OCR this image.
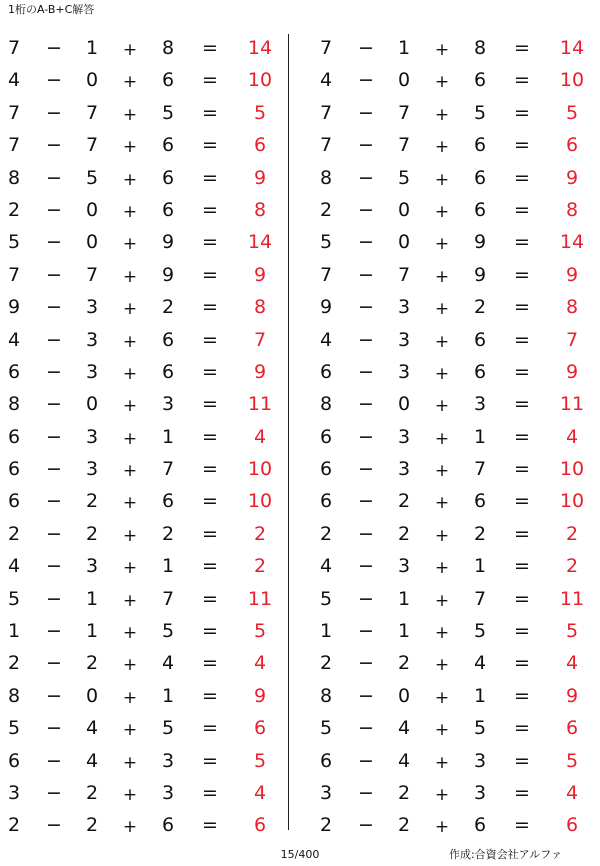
1桁のA-B+C解答
7	−	1	+	8	=	14
4	−	0	+	6	=	10
7	−	7	+	5	=	5
7	−	7	+	6	=	6
8	−	5	+	6	=	9
2	−	0	+	6	=	8
5	−	0	+	9	=	14
7	−	7	+	9	=	9
9	−	3	+	2	=	8
4	−	3	+	6	=	7
6	−	3	+	6	=	9
8	−	0	+	3	=	11
6	−	3	+	1	=	4
6	−	3	+	7	=	10
6	−	2	+	6	=	10
2	−	2	+	2	=	2
4	−	3	+	1	=	2
5	−	1	+	7	=	11
1	−	1	+	5	=	5
2	−	2	+	4	=	4
8	−	0	+	1	=	9
5	−	4	+	5	=	6
6	−	4	+	3	=	5
3	−	2	+	3	=	4
2	−	2	+	6	=	6
7	−	1	+	8	=	14
4	−	0	+	6	=	10
7	−	7	+	5	=	5
7	−	7	+	6	=	6
8	−	5	+	6	=	9
2	−	0	+	6	=	8
5	−	0	+	9	=	14
7	−	7	+	9	=	9
9	−	3	+	2	=	8
4	−	3	+	6	=	7
6	−	3	+	6	=	9
8	−	0	+	3	=	11
6	−	3	+	1	=	4
6	−	3	+	7	=	10
6	−	2	+	6	=	10
2	−	2	+	2	=	2
4	−	3	+	1	=	2
5	−	1	+	7	=	11
1	−	1	+	5	=	5
2	−	2	+	4	=	4
8	−	0	+	1	=	9
5	−	4	+	5	=	6
6	−	4	+	3	=	5
3	−	2	+	3	=	4
2	−	2	+	6	=	6
15/400	作成:合資会社アルファ
